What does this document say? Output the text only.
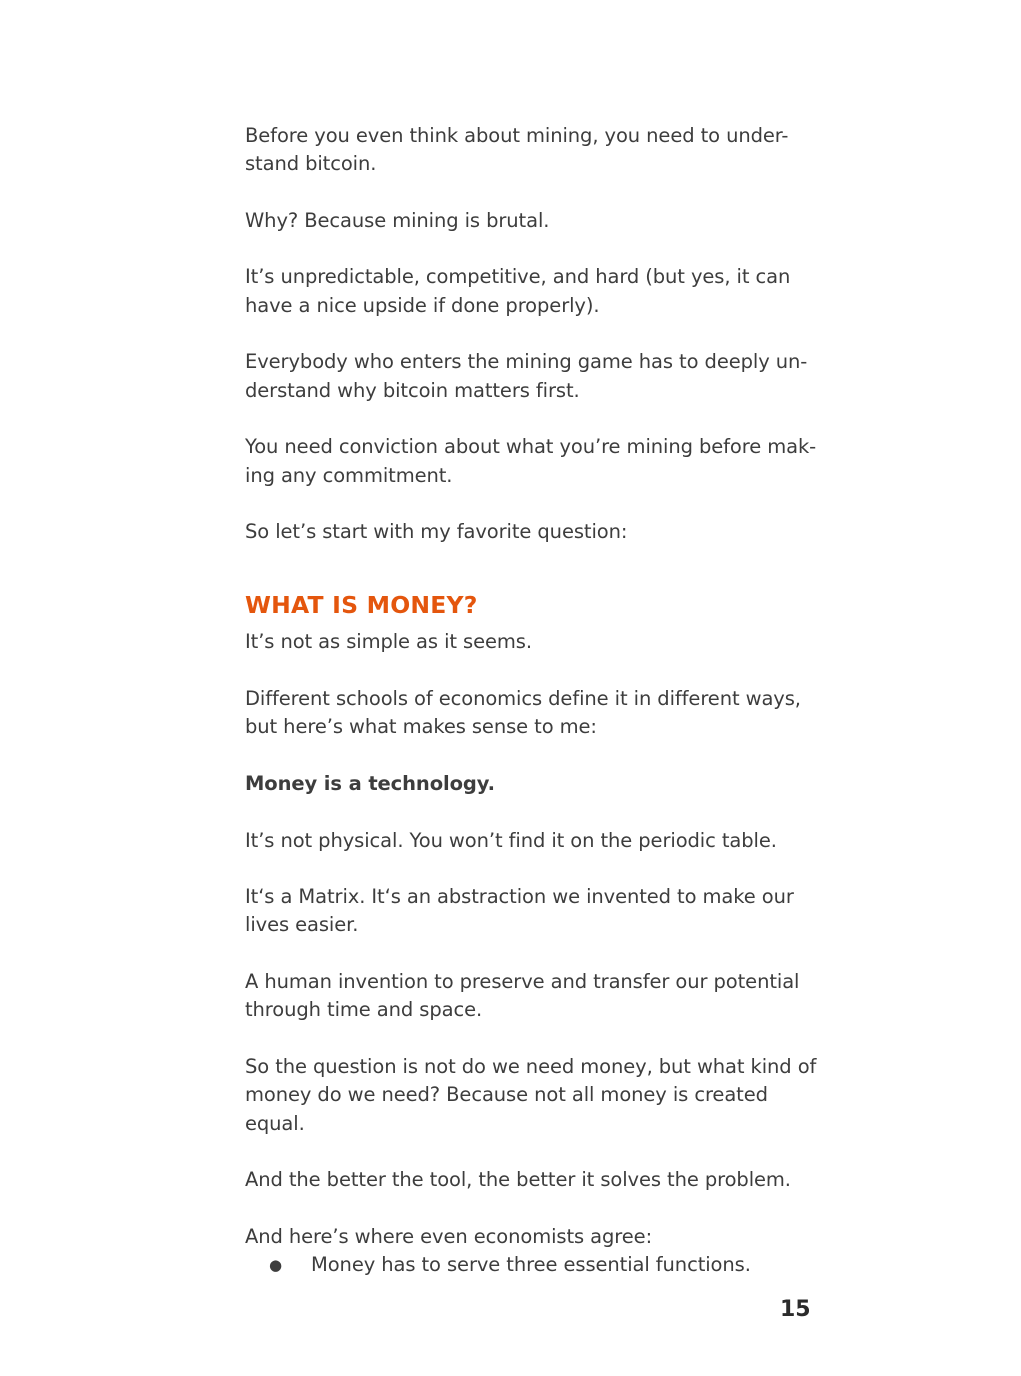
Before you even think about mining, you need to under-
stand bitcoin.

Why? Because mining is brutal.

It’s unpredictable, competitive, and hard (but yes, it can
have a nice upside if done properly).

Everybody who enters the mining game has to deeply un-
derstand why bitcoin matters first.

You need conviction about what you’re mining before mak-
ing any commitment.

So let’s start with my favorite question:

WHAT IS MONEY?

It’s not as simple as it seems.

Different schools of economics define it in different ways,
but here’s what makes sense to me:

Money is a technology.

It’s not physical. You won’t find it on the periodic table.

It‘s a Matrix. It‘s an abstraction we invented to make our
lives easier.

A human invention to preserve and transfer our potential
through time and space.

So the question is not do we need money, but what kind of
money do we need? Because not all money is created equal.

And the better the tool, the better it solves the problem.

And here’s where even economists agree:

● Money has to serve three essential functions.
15
